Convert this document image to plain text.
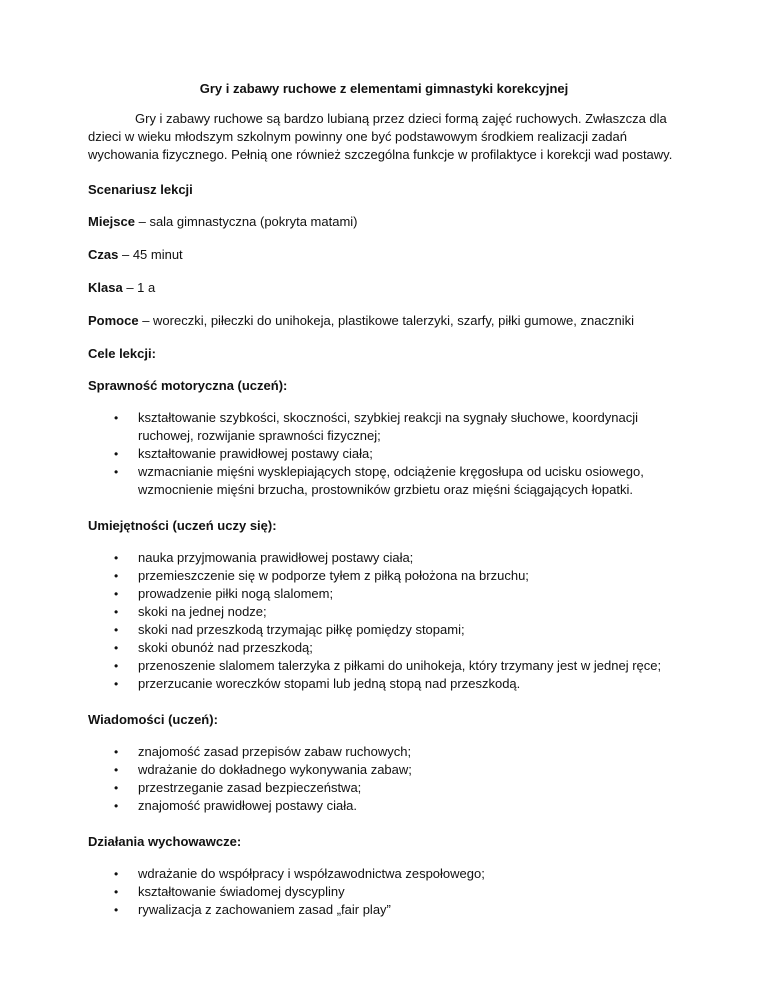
Gry i zabawy ruchowe z elementami gimnastyki korekcyjnej

Gry i zabawy ruchowe są bardzo lubianą przez dzieci formą zajęć ruchowych. Zwłaszcza dla dzieci w wieku młodszym szkolnym powinny one być podstawowym środkiem realizacji zadań wychowania fizycznego. Pełnią one również szczególna funkcje w profilaktyce i korekcji wad postawy.

Scenariusz lekcji

Miejsce – sala gimnastyczna (pokryta matami)

Czas – 45 minut

Klasa – 1 a

Pomoce – woreczki, piłeczki do unihokeja, plastikowe talerzyki, szarfy, piłki gumowe, znaczniki

Cele lekcji:

Sprawność motoryczna (uczeń):

• kształtowanie szybkości, skoczności, szybkiej reakcji na sygnały słuchowe, koordynacji ruchowej, rozwijanie sprawności fizycznej;
• kształtowanie prawidłowej postawy ciała;
• wzmacnianie mięśni wysklepiających stopę, odciążenie kręgosłupa od ucisku osiowego, wzmocnienie mięśni brzucha, prostowników grzbietu oraz mięśni ściągających łopatki.

Umiejętności (uczeń uczy się):

• nauka przyjmowania prawidłowej postawy ciała;
• przemieszczenie się w podporze tyłem z piłką położona na brzuchu;
• prowadzenie piłki nogą slalomem;
• skoki na jednej nodze;
• skoki nad przeszkodą trzymając piłkę pomiędzy stopami;
• skoki obunóż nad przeszkodą;
• przenoszenie slalomem talerzyka z piłkami do unihokeja, który trzymany jest w jednej ręce;
• przerzucanie woreczków stopami lub jedną stopą nad przeszkodą.

Wiadomości (uczeń):

• znajomość zasad przepisów zabaw ruchowych;
• wdrażanie do dokładnego wykonywania zabaw;
• przestrzeganie zasad bezpieczeństwa;
• znajomość prawidłowej postawy ciała.

Działania wychowawcze:

• wdrażanie do współpracy i współzawodnictwa zespołowego;
• kształtowanie świadomej dyscypliny
• rywalizacja z zachowaniem zasad „fair play”
